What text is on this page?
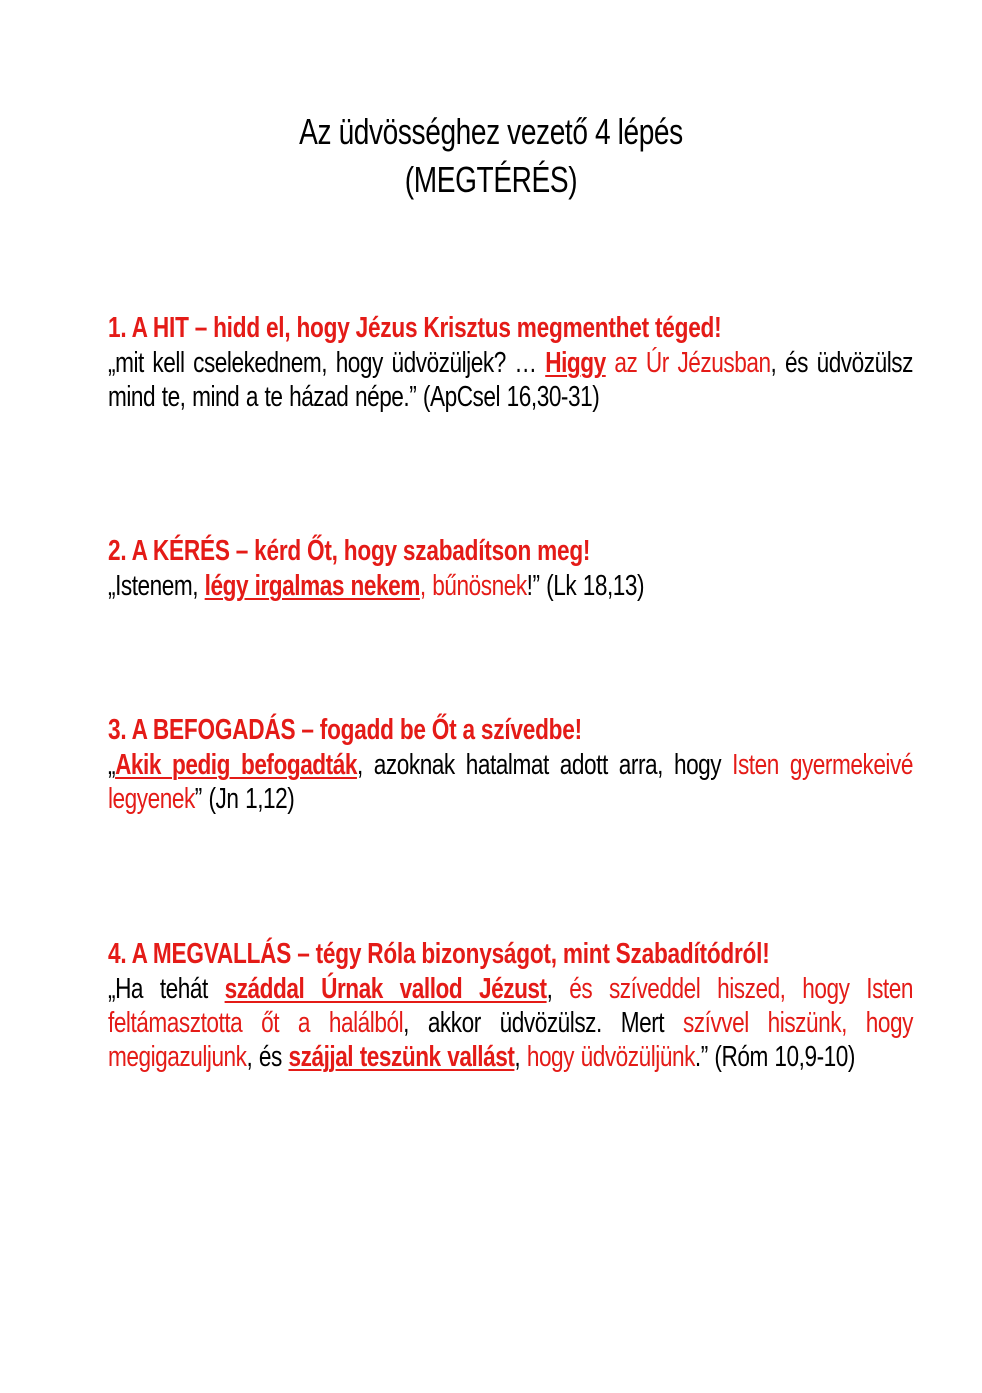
Az üdvösséghez vezető 4 lépés
(MEGTÉRÉS)
1. A HIT – hidd el, hogy Jézus Krisztus megmenthet téged!
„mit kell cselekednem, hogy üdvözüljek? … Higgy az Úr Jézusban, és üdvözülsz mind te, mind a te házad népe.” (ApCsel 16,30-31)
2. A KÉRÉS – kérd Őt, hogy szabadítson meg!
„Istenem, légy irgalmas nekem, bűnösnek!” (Lk 18,13)
3. A BEFOGADÁS – fogadd be Őt a szívedbe!
„Akik pedig befogadták, azoknak hatalmat adott arra, hogy Isten gyermekeivé legyenek” (Jn 1,12)
4. A MEGVALLÁS – tégy Róla bizonyságot, mint Szabadítódról!
„Ha tehát száddal Úrnak vallod Jézust, és szíveddel hiszed, hogy Isten feltámasztotta őt a halálból, akkor üdvözülsz. Mert szívvel hiszünk, hogy megigazuljunk, és szájjal teszünk vallást, hogy üdvözüljünk.” (Róm 10,9-10)
